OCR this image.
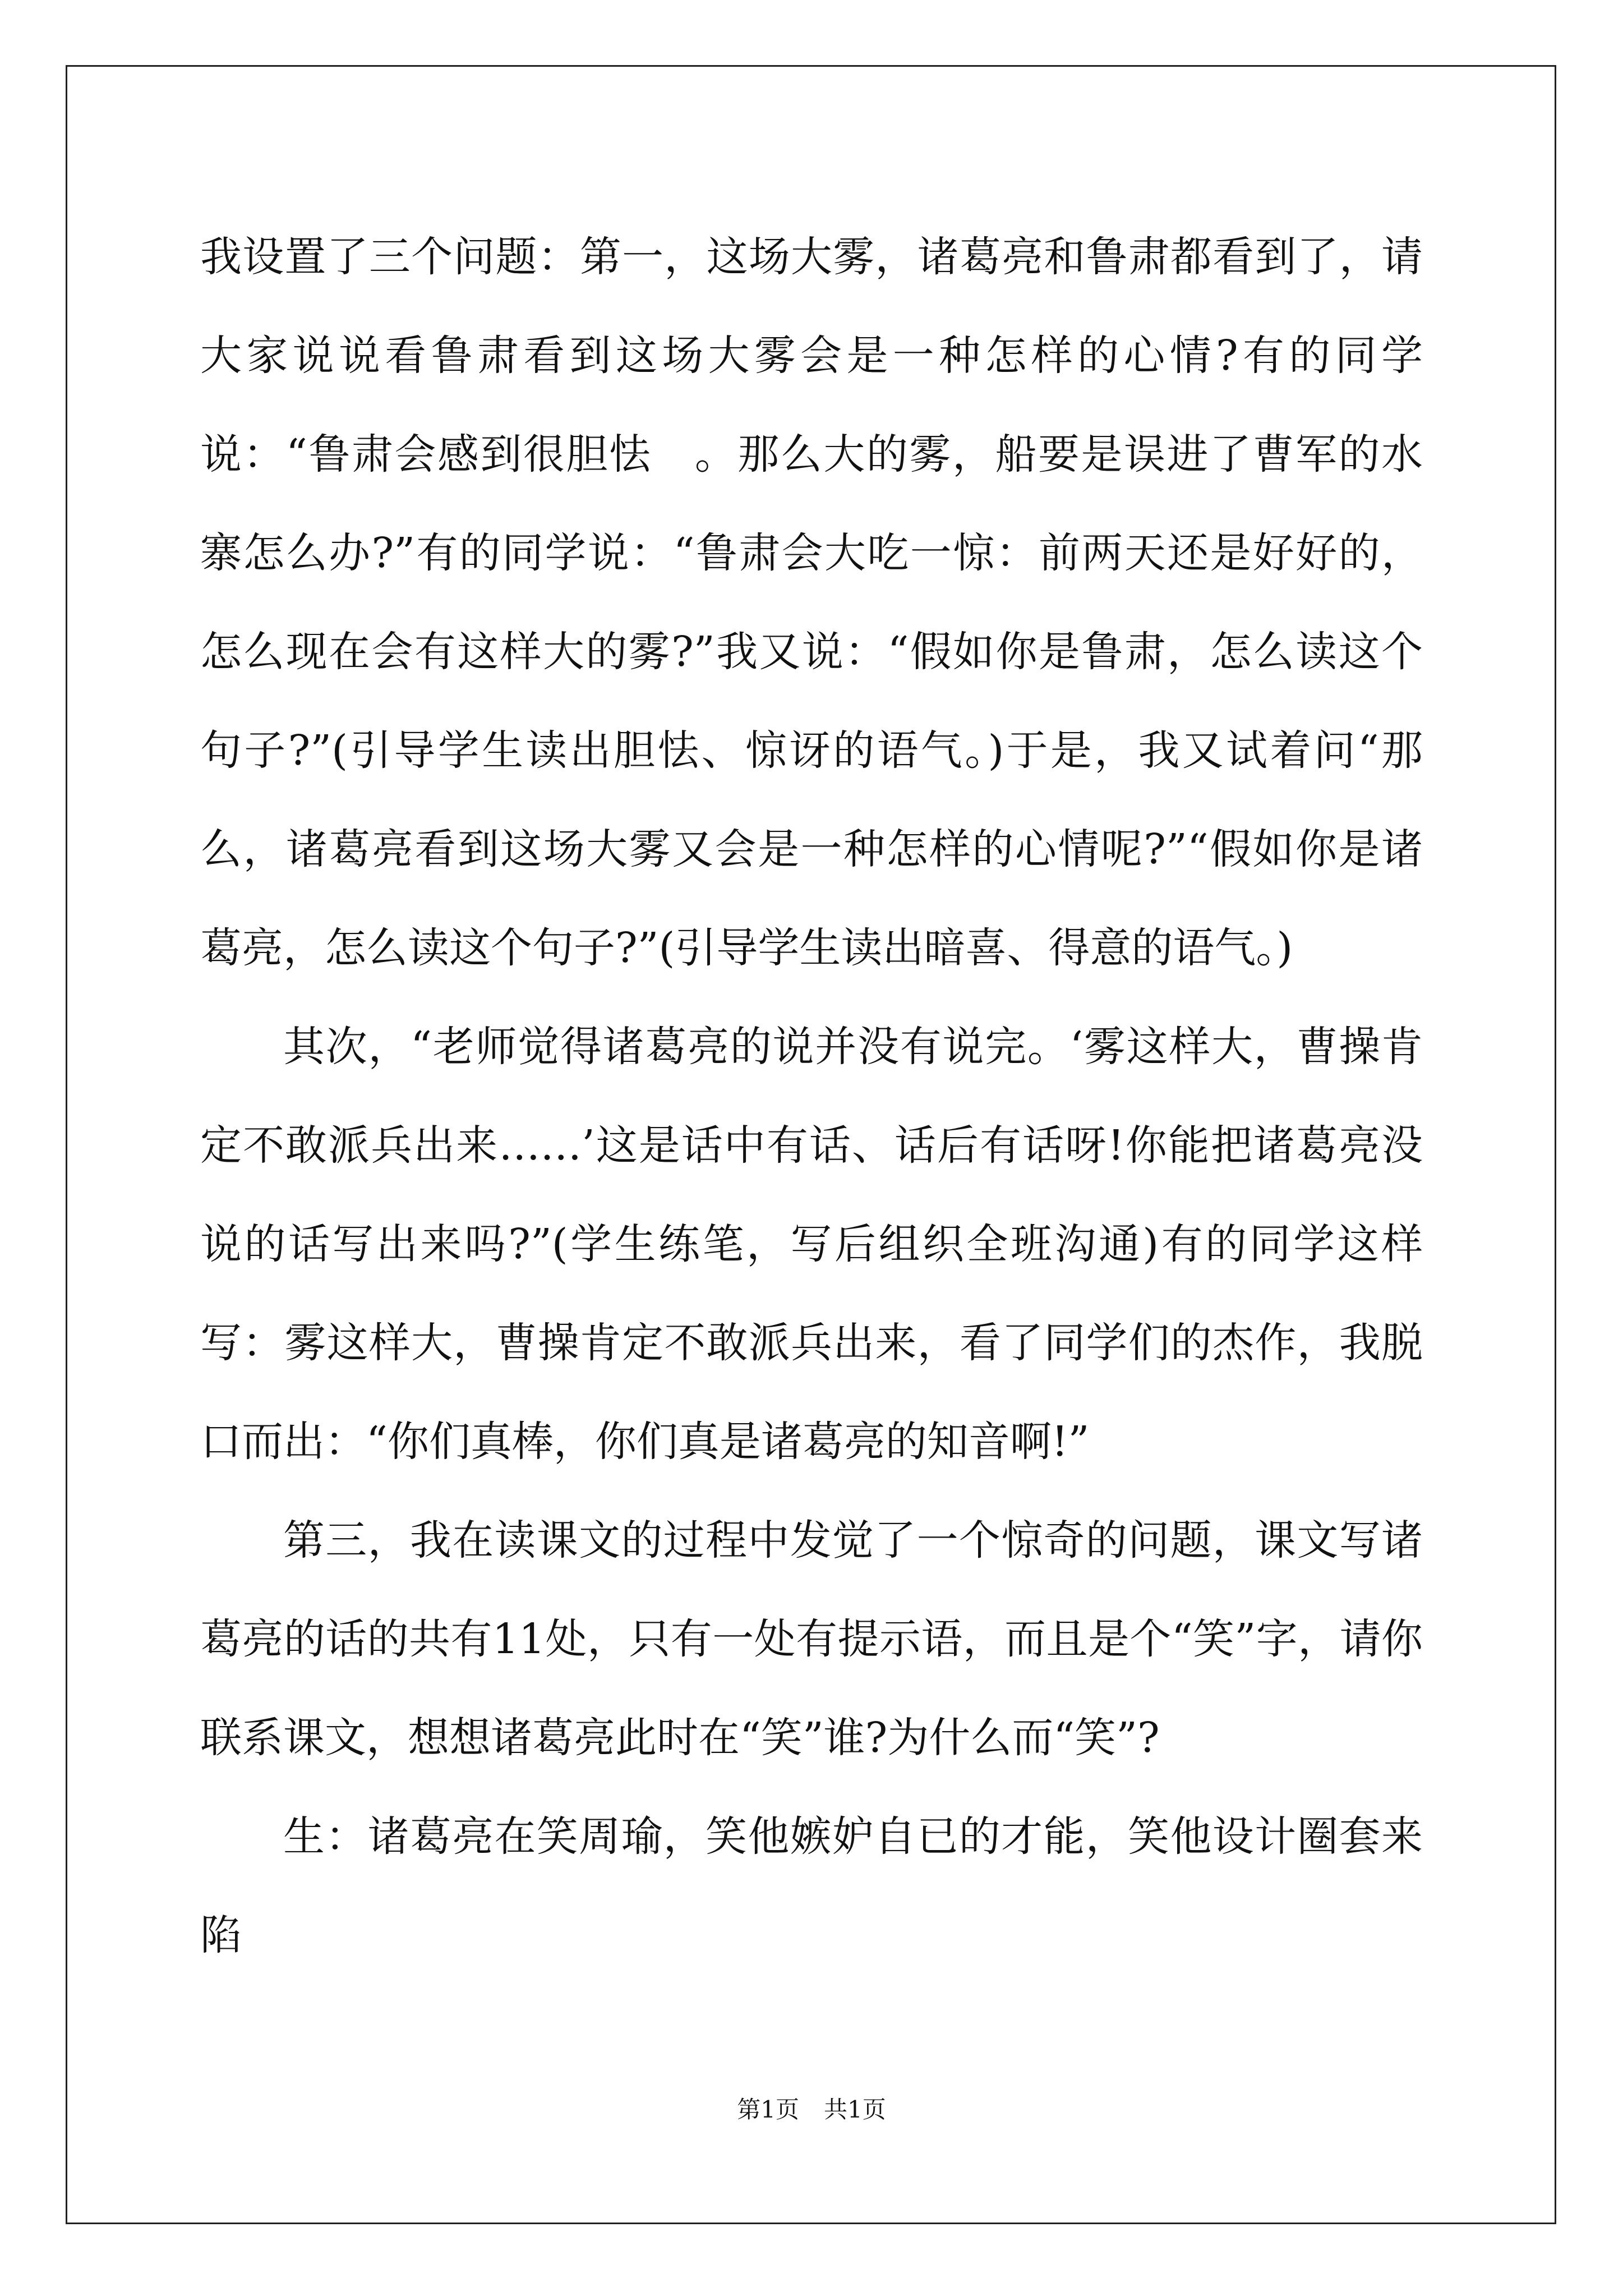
我设置了三个问题：第一，这场大雾，诸葛亮和鲁肃都看到了，请大家说说看鲁肃看到这场大雾会是一种怎样的心情?有的同学说：“鲁肃会感到很胆怯　。那么大的雾，船要是误进了曹军的水寨怎么办?”有的同学说：“鲁肃会大吃一惊：前两天还是好好的，怎么现在会有这样大的雾?”我又说：“假如你是鲁肃，怎么读这个句子?”(引导学生读出胆怯、惊讶的语气。)于是，我又试着问“那么，诸葛亮看到这场大雾又会是一种怎样的心情呢?”“假如你是诸葛亮，怎么读这个句子?”(引导学生读出暗喜、得意的语气。)

其次，“老师觉得诸葛亮的说并没有说完。‘雾这样大，曹操肯定不敢派兵出来……’这是话中有话、话后有话呀!你能把诸葛亮没说的话写出来吗?”(学生练笔，写后组织全班沟通)有的同学这样写：雾这样大，曹操肯定不敢派兵出来，看了同学们的杰作，我脱口而出：“你们真棒，你们真是诸葛亮的知音啊!”

第三，我在读课文的过程中发觉了一个惊奇的问题，课文写诸葛亮的话的共有11处，只有一处有提示语，而且是个“笑”字，请你联系课文，想想诸葛亮此时在“笑”谁?为什么而“笑”?

生：诸葛亮在笑周瑜，笑他嫉妒自已的才能，笑他设计圈套来陷

第1页 共1页
